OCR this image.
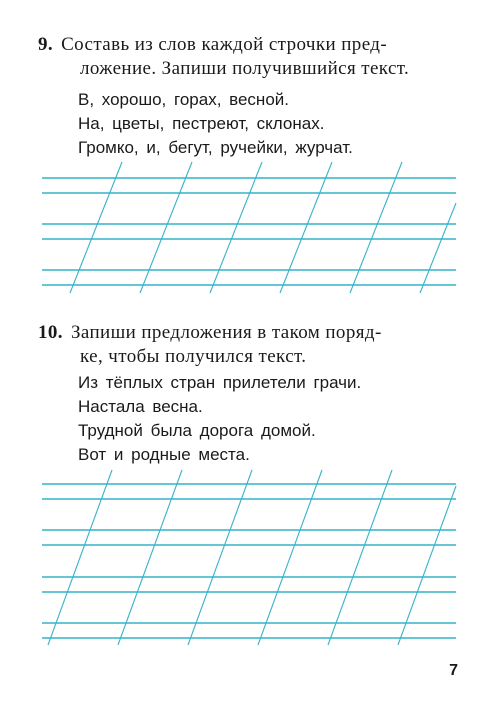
9. Составь из слов каждой строчки пред-
ложение. Запиши получившийся текст.
В, хорошо, горах, весной.
На, цветы, пестреют, склонах.
Громко, и, бегут, ручейки, журчат.
10. Запиши предложения в таком поряд-
ке, чтобы получился текст.
Из тёплых стран прилетели грачи.
Настала весна.
Трудной была дорога домой.
Вот и родные места.
7
